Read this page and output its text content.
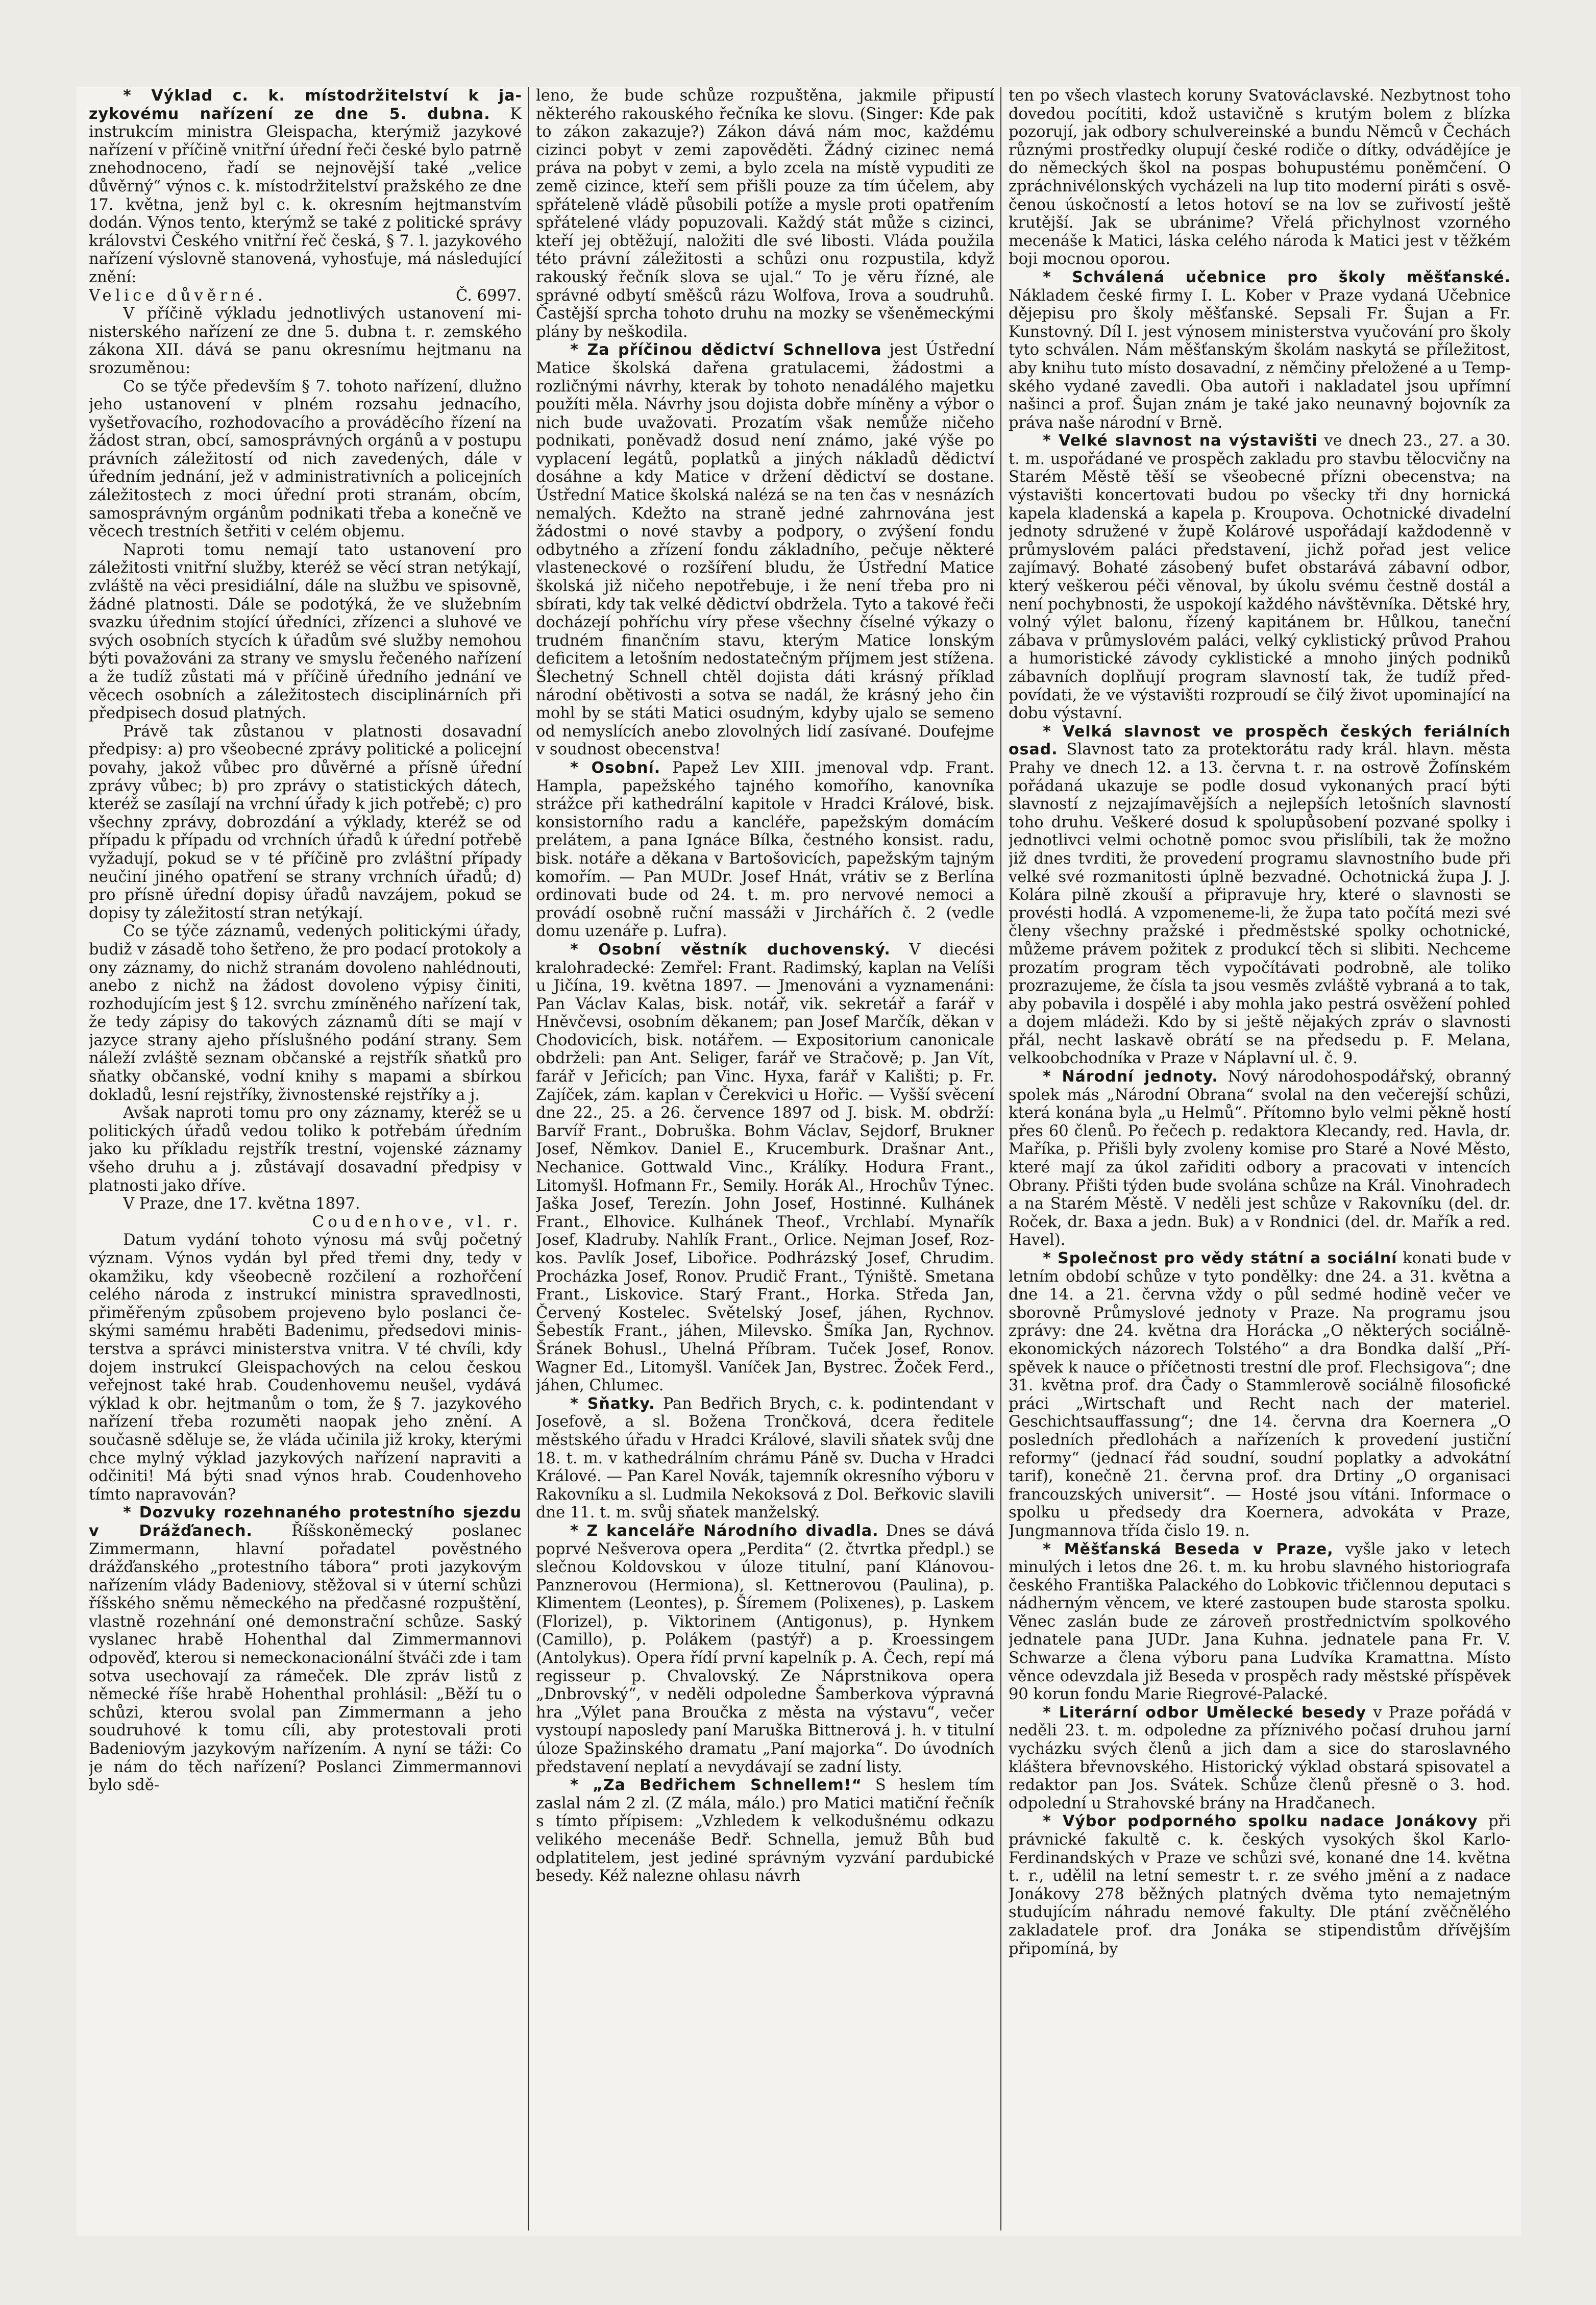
* Výklad c. k. místodržitelství k jazykovému nařízení ze dne 5. dubna. K instrukcím ministra Gleispacha, kterýmiž jazykové nařízení v příčině vnitřní úřední řeči české bylo patrně znehodnoceno, řadí se nejnovější také „velice důvěrný“ výnos c. k. místodržitelství pražského ze dne 17. května, jenž byl c. k. okresním hejtmanstvím dodán. Výnos tento, kterýmž se také z politické správy královstvi Českého vnitřní řeč česká, § 7. l. jazykového nařízení výslovně stanovená, vyhosťuje, má následující znění:

Velice důvěrné.	Č. 6997.

V příčině výkladu jednotlivých ustanovení ministerského nařízení ze dne 5. dubna t. r. zemského zákona XII. dává se panu okresnímu hejtmanu na srozuměnou:

Co se týče především § 7. tohoto nařízení, dlužno jeho ustanovení v plném rozsahu jednacího, vyšetřovacího, rozhodovacího a prováděcího řízení na žádost stran, obcí, samosprávných orgánů a v postupu právních záležitostí od nich zavedených, dále v úředním jednání, jež v administrativních a policejních záležitostech z moci úřední proti stranám, obcím, samosprávným orgánům podnikati třeba a konečně ve věcech trestních šetřiti v celém objemu.

Naproti tomu nemají tato ustanovení pro záležitosti vnitřní služby, kteréž se věcí stran netýkají, zvláště na věci presidiální, dále na službu ve spisovně, žádné platnosti. Dále se podotýká, že ve služebním svazku úřednim stojící úředníci, zřízenci a sluhové ve svých osobních stycích k úřadům své služby nemohou býti považováni za strany ve smyslu řečeného nařízení a že tudíž zůstati má v příčině úředního jednání ve věcech osobních a záležitostech disciplinárních při předpisech dosud platných.

Právě tak zůstanou v platnosti dosavadní předpisy: a) pro všeobecné zprávy politické a policejní povahy, jakož vůbec pro důvěrné a přísně úřední zprávy vůbec; b) pro zprávy o statistických dátech, kteréž se zasílají na vrchní úřady k jich potřebě; c) pro všechny zprávy, dobrozdání a výklady, kteréž se od případu k případu od vrchních úřadů k úřední potřebě vyžadují, pokud se v té příčině pro zvláštní případy neučiní jiného opatření se strany vrchních úřadů; d) pro přísně úřední dopisy úřadů navzájem, pokud se dopisy ty záležitostí stran netýkají.

Co se týče záznamů, vedených politickými úřady, budiž v zásadě toho šetřeno, že pro podací protokoly a ony záznamy, do nichž stranám dovoleno nahlédnouti, anebo z nichž na žádost dovoleno výpisy činiti, rozhodujícím jest § 12. svrchu zmíněného nařízení tak, že tedy zápisy do takových záznamů díti se mají v jazyce strany ajeho příslušného podání strany. Sem náleží zvláště seznam občanské a rejstřík sňatků pro sňatky občanské, vodní knihy s mapami a sbírkou dokladů, lesní rejstříky, živnostenské rejstříky a j.

Avšak naproti tomu pro ony záznamy, kteréž se u politických úřadů vedou toliko k potřebám úředním jako ku příkladu rejstřík trestní, vojenské záznamy všeho druhu a j. zůstávají dosavadní předpisy v platnosti jako dříve.

V Praze, dne 17. května 1897.

Coudenhove, vl. r.

Datum vydání tohoto výnosu má svůj početný význam. Výnos vydán byl před třemi dny, tedy v okamžiku, kdy všeobecně rozčilení a rozhořčení celého národa z instrukcí ministra spravedlnosti, přiměřeným způsobem projeveno bylo poslanci českými samému hraběti Badenimu, předsedovi ministerstva a správci ministerstva vnitra. V té chvíli, kdy dojem instrukcí Gleispachových na celou českou veřejnost také hrab. Coudenhovemu neušel, vydává výklad k obr. hejtmanům o tom, že § 7. jazykového nařízení třeba rozuměti naopak jeho znění. A současně sděluje se, že vláda učinila již kroky, kterými chce mylný výklad jazykových nařízení napraviti a odčiniti! Má býti snad výnos hrab. Coudenhoveho tímto napravován?

* Dozvuky rozehnaného protestního sjezdu v Drážďanech.	Říšskoněmecký poslanec Zimmermann, hlavní pořadatel pověstného drážďanského „protestního tábora“ proti jazykovým nařízením vlády Badeniovy, stěžoval si v úterní schůzi říšského sněmu německého na předčasné rozpuštění, vlastně rozehnání oné demonstrační schůze. Saský vyslanec hrabě Hohenthal dal Zimmermannovi odpověď, kterou si nemeckonacionální štváči zde i tam sotva usechovají za rámeček. Dle zpráv listů z německé říše hrabě Hohenthal prohlásil: „Běží tu o schůzi, kterou svolal pan Zimmermann a jeho soudruhové k tomu cíli, aby protestovali proti Badeniovým jazykovým nařízením. A nyní se táži: Co je nám do těch nařízení? Poslanci Zimmermannovi bylo sdě-

leno, že bude schůze rozpuštěna, jakmile připustí některého rakouského řečníka ke slovu. (Singer: Kde pak to zákon zakazuje?) Zákon dává nám moc, každému cizinci pobyt v zemi zapověděti. Žádný cizinec nemá práva na pobyt v zemi, a bylo zcela na místě vypuditi ze země cizince, kteří sem přišli pouze za tím účelem, aby spřáteleně vládě působili potíže a mysle proti opatřením spřátelené vlády popuzovali. Každý stát může s cizinci, kteří jej obtěžují, naložiti dle své libosti. Vláda použila této právní záležitosti a schůzi onu rozpustila, když rakouský řečník slova se ujal.“ To je věru řízné, ale správné odbytí směšců rázu Wolfova, Irova a soudruhů. Častější sprcha tohoto druhu na mozky se všeněmeckými plány by neškodila.

* Za příčinou dědictví Schnellova jest Ústřední Matice školská dařena gratulacemi, žádostmi a rozličnými návrhy, kterak by tohoto nenadálého majetku použíti měla. Návrhy jsou dojista dobře míněny a výbor o nich bude uvažovati. Prozatím však nemůže ničeho podnikati, poněvadž dosud není známo, jaké výše po vyplacení legátů, poplatků a jiných nákladů dědictví dosáhne a kdy Matice v držení dědictví se dostane. Ústřední Matice školská nalézá se na ten čas v nesnázích nemalých. Kdežto na straně jedné zahrnována jest žádostmi o nové stavby a podpory, o zvýšení fondu odbytného a zřízení fondu základního, pečuje některé vlasteneckové o rozšíření bludu, že Ústřední Matice školská již ničeho nepotřebuje, i že není třeba pro ni sbírati, kdy tak velké dědictví obdržela. Tyto a takové řeči docházejí pohříchu víry přese všechny číselné výkazy o trudném finančním stavu, kterým Matice lonským deficitem a letošním nedostatečným příjmem jest stížena. Šlechetný Schnell chtěl dojista dáti krásný příklad národní obětivosti a sotva se nadál, že krásný jeho čin mohl by se státi Matici osudným, kdyby ujalo se semeno od nemyslících anebo zlovolných lidí zasívané. Doufejme v soudnost obecenstva!

* Osobní. Papež Lev XIII. jmenoval vdp. Frant. Hampla, papežského tajného komořího, kanovníka strážce při kathedrální kapitole v Hradci Králové, bisk. konsistorního radu a kancléře, papežským domácím prelátem, a pana Ignáce Bílka, čestného konsist. radu, bisk. notáře a děkana v Bartošovicích, papežským tajným komořím. — Pan MUDr. Josef Hnát, vrátiv se z Berlína ordinovati bude od 24. t. m. pro nervové nemoci a provádí osobně ruční massáži v Jirchářích č. 2 (vedle domu uzenáře p. Lufra).

* Osobní věstník duchovenský. V diecési kralohradecké: Zemřel: Frant. Radimský, kaplan na Velíši u Jičína, 19. května 1897. — Jmenováni a vyznamenáni: Pan Václav Kalas, bisk. notář, vik. sekretář a farář v Hněvčevsi, osobním děkanem; pan Josef Marčík, děkan v Chodovicích, bisk. notářem. — Expositorium canonicale obdrželi: pan Ant. Seliger, farář ve Stračově; p. Jan Vít, farář v Jeřicích; pan Vinc. Hyxa, farář v Kališti; p. Fr. Zajíček, zám. kaplan v Čerekvici u Hořic. — Vyšší svěcení dne 22., 25. a 26. července 1897 od J. bisk. M. obdrží: Barvíř Frant., Dobruška. Bohm Václav, Sejdorf, Brukner Josef, Němkov. Daniel E., Krucemburk. Drašnar Ant., Nechanice. Gottwald Vinc., Králíky. Hodura Frant., Litomyšl. Hofmann Fr., Semily. Horák Al., Hrochův Týnec. Jaška Josef, Terezín. John Josef, Hostinné. Kulhánek Frant., Elhovice. Kulhánek Theof., Vrchlabí. Mynařík Josef, Kladruby. Nahlík Frant., Orlice. Nejman Josef, Rozkos. Pavlík Josef, Libořice. Podhrázský Josef, Chrudim. Procházka Josef, Ronov. Prudič Frant., Týniště. Smetana Frant., Liskovice. Starý Frant., Horka. Středa Jan, Červený Kostelec. Světelský Josef, jáhen, Rychnov. Šebestík Frant., jáhen, Milevsko. Šmíka Jan, Rychnov. Šránek Bohusl., Uhelná Příbram. Tuček Josef, Ronov. Wagner Ed., Litomyšl. Vaníček Jan, Bystrec. Žoček Ferd., jáhen, Chlumec.

* Sňatky. Pan Bedřich Brych, c. k. podintendant v Josefově, a sl. Božena Trončková, dcera ředitele městského úřadu v Hradci Králové, slavili sňatek svůj dne 18. t. m. v kathedrálním chrámu Páně sv. Ducha v Hradci Králové. — Pan Karel Novák, tajemník okresního výboru v Rakovníku a sl. Ludmila Nekoksová z Dol. Beřkovic slavili dne 11. t. m. svůj sňatek manželský.

* Z kanceláře Národního divadla. Dnes se dává poprvé Nešverova opera „Perdita“ (2. čtvrtka předpl.) se slečnou Koldovskou v úloze titulní, paní Klánovou-Panznerovou (Hermiona), sl. Kettnerovou (Paulina), p. Klimentem (Leontes), p. Šíremem (Polixenes), p. Laskem (Florizel), p. Viktorinem (Antigonus), p. Hynkem (Camillo), p. Polákem (pastýř) a p. Kroessingem (Antolykus). Opera řídí první kapelník p. A. Čech, repí má regisseur p. Chvalovský. Ze Náprstnikova opera „Dnbrovský“, v neděli odpoledne Šamberkova výpravná hra „Výlet pana Broučka z města na výstavu“, večer vystoupí naposledy paní Maruška Bittnerová j. h. v titulní úloze Spažinského dramatu „Paní majorka“. Do úvodních představení neplatí a nevydávají se zadní listy.

* „Za Bedřichem Schnellem!“ S heslem tím zaslal nám 2 zl. (Z mála, málo.) pro Matici matiční řečník s tímto přípisem: „Vzhledem k velkodušnému odkazu velikého mecenáše Bedř. Schnella, jemuž Bůh buď odplatitelem, jest jediné správným vyzvání pardubické besedy. Kéž nalezne ohlasu návrh

ten po všech vlastech koruny Svatováclavské. Nezbytnost toho dovedou pocítiti, kdož ustavičně s krutým bolem z blízka pozorují, jak odbory schulvereinské a bundu Němců v Čechách různými prostředky olupují české rodiče o dítky, odvádějíce je do německých škol na pospas bohupustému poněmčení. O zpráchnivélonských vycházeli na lup tito moderní piráti s osvěčenou úskočností a letos hotoví se na lov se zuřivostí ještě krutější. Jak se ubránime? Vřelá přichylnost vzorného mecenáše k Matici, láska celého národa k Matici jest v těžkém boji mocnou oporou.

* Schválená učebnice pro školy měšťanské. Nákladem české firmy I. L. Kober v Praze vydaná Učebnice dějepisu pro školy měšťanské. Sepsali Fr. Šujan a Fr. Kunstovný. Díl I. jest výnosem ministerstva vyučování pro školy tyto schválen. Nám měšťanským školám naskytá se příležitost, aby knihu tuto místo dosavadní, z němčiny přeložené a u Tempského vydané zavedli. Oba autoři i nakladatel jsou upřímní našinci a prof. Šujan znám je také jako neunavný bojovník za práva naše národní v Brně.

* Velké slavnost na výstavišti ve dnech 23., 27. a 30. t. m. uspořádané ve prospěch zakladu pro stavbu tělocvičny na Starém Městě těší se všeobecné přízni obecenstva; na výstavišti koncertovati budou po všecky tři dny hornická kapela kladenská a kapela p. Kroupova. Ochotnické divadelní jednoty sdružené v župě Kolárové uspořádají každodenně v průmyslovém paláci představení, jichž pořad jest velice zajímavý. Bohaté zásobený bufet obstarává zábavní odbor, který veškerou péči věnoval, by úkolu svému čestně dostál a není pochybnosti, že uspokojí každého návštěvníka. Dětské hry, volný výlet balonu, řízený kapitánem br. Hůlkou, taneční zábava v průmyslovém paláci, velký cyklistický průvod Prahou a humoristické závody cyklistické a mnoho jiných podniků zábavních doplňují program slavností tak, že tudíž předpovídati, že ve výstavišti rozproudí se čilý život upominající na dobu výstavní.

* Velká slavnost ve prospěch českých feriálních osad. Slavnost tato za protektorátu rady král. hlavn. města Prahy ve dnech 12. a 13. června t. r. na ostrově Žofínském pořádaná ukazuje se podle dosud vykonaných prací býti slavností z nejzajímavějších a nejlepších letošních slavností toho druhu. Veškeré dosud k spolupůsobení pozvané spolky i jednotlivci velmi ochotně pomoc svou přislíbili, tak že možno již dnes tvrditi, že provedení programu slavnostního bude při velké své rozmanitosti úplně bezvadné. Ochotnická župa J. J. Kolára pilně zkouší a připravuje hry, které o slavnosti se provésti hodlá. A vzpomeneme-li, že župa tato počítá mezi své členy všechny pražské i předměstské spolky ochotnické, můžeme právem požitek z produkcí těch si slibiti. Nechceme prozatím program těch vypočítávati podrobně, ale toliko prozrazujeme, že čísla ta jsou vesměs zvláště vybraná a to tak, aby pobavila i dospělé i aby mohla jako pestrá osvěžení pohled a dojem mládeži. Kdo by si ještě nějakých zpráv o slavnosti přál, necht laskavě obrátí se na předsedu p. F. Melana, velkoobchodníka v Praze v Náplavní ul. č. 9.

* Národní jednoty. Nový národohospodářský, obranný spolek más „Národní Obrana“ svolal na den večerejší schůzi, která konána byla „u Helmů“. Přítomno bylo velmi pěkně hostí přes 60 členů. Po řečech p. redaktora Klecandy, red. Havla, dr. Maříka, p. Přišli byly zvoleny komise pro Staré a Nové Město, které mají za úkol zařiditi odbory a pracovati v intencích Obrany. Přišti týden bude svolána schůze na Král. Vinohradech a na Starém Městě. V neděli jest schůze v Rakovníku (del. dr. Roček, dr. Baxa a jedn. Buk) a v Rondnici (del. dr. Mařík a red. Havel).

* Společnost pro vědy státní a sociální konati bude v letním období schůze v tyto pondělky: dne 24. a 31. května a dne 14. a 21. června vždy o půl sedmé hodině večer ve sborovně Průmyslové jednoty v Praze. Na programu jsou zprávy: dne 24. května dra Horácka „O některých sociálně-ekonomických názorech Tolstého“ a dra Bondka další „Příspěvek k nauce o příčetnosti trestní dle prof. Flechsigova“; dne 31. května prof. dra Čady o Stammlerově sociálně filosofické práci „Wirtschaft und Recht nach der materiel. Geschichtsauffassung“; dne 14. června dra Koernera „O posledních předlohách a nařízeních k provedení justiční reformy“ (jednací řád soudní, soudní poplatky a advokátní tarif), konečně 21. června prof. dra Drtiny „O organisaci francouzských universit“. — Hosté jsou vítáni. Informace o spolku u předsedy dra Koernera, advokáta v Praze, Jungmannova třída čislo 19. n.

* Měšťanská Beseda v Praze, vyšle jako v letech minulých i letos dne 26. t. m. ku hrobu slavného historiografa českého Františka Palackého do Lobkovic třičlennou deputaci s nádherným věncem, ve které zastoupen bude starosta spolku. Věnec zaslán bude ze zároveň prostřednictvím spolkového jednatele pana JUDr. Jana Kuhna. jednatele pana Fr. V. Schwarze a člena výboru pana Ludvíka Kramattna. Místo věnce odevzdala již Beseda v prospěch rady městské příspěvek 90 korun fondu Marie Riegrové-Palacké.

* Literární odbor Umělecké besedy v Praze pořádá v neděli 23. t. m. odpoledne za příznivého počasí druhou jarní vycházku svých členů a jich dam a sice do staroslavného kláštera břevnovského. Historický výklad obstará spisovatel a redaktor pan Jos. Svátek. Schůze členů přesně o 3. hod. odpolední u Strahovské brány na Hradčanech.

* Výbor podporného spolku nadace Jonákovy při právnické fakultě c. k. českých vysokých škol Karlo-Ferdinandských v Praze ve schůzi své, konané dne 14. května t. r., udělil na letní semestr t. r. ze svého jmění a z nadace Jonákovy 278 běžných platných dvěma tyto nemajetným studujícím náhradu nemové fakulty. Dle ptání zvěčnělého zakladatele prof. dra Jonáka se stipendistům dřívějším připomíná, by
